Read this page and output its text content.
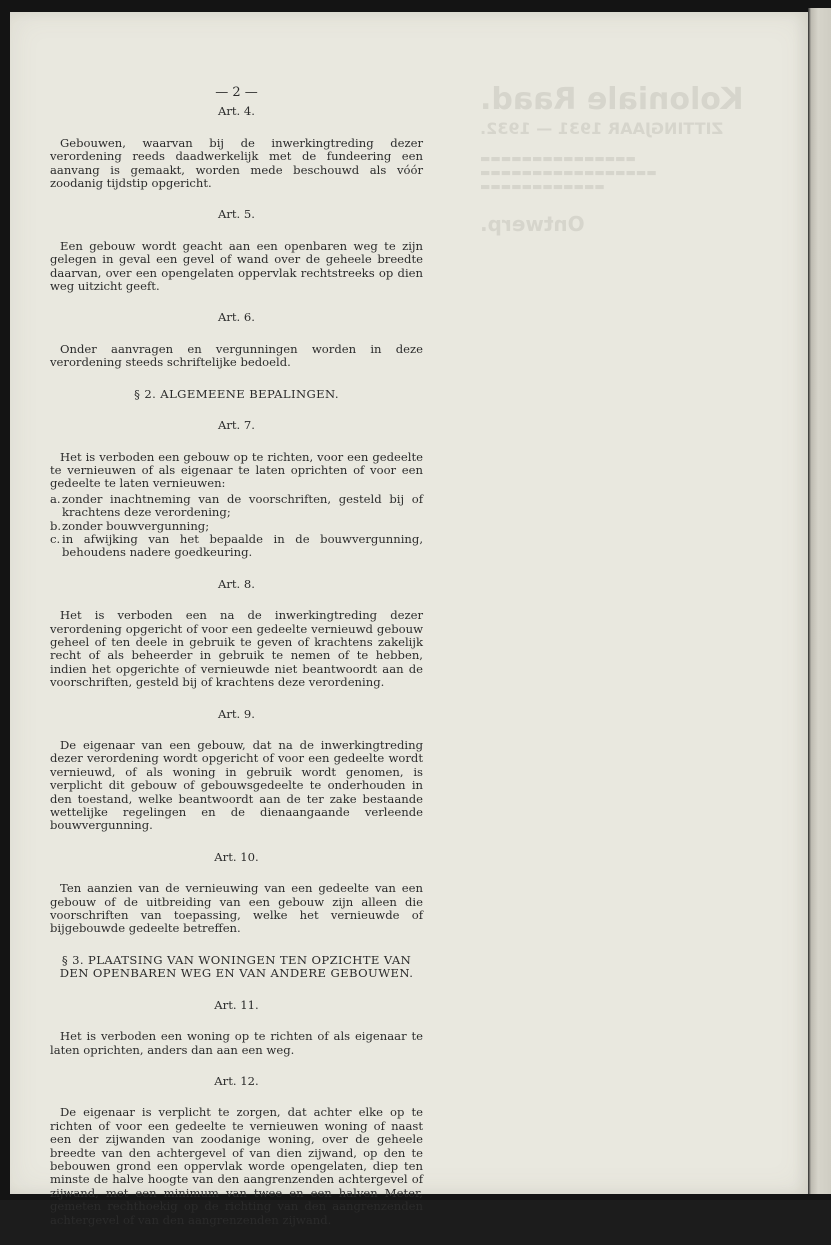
Koloniale Raad.
ZITTINGJAAR 1931 — 1932.
▬▬▬▬▬▬▬▬▬▬▬▬▬▬▬
▬▬▬▬▬▬▬▬▬▬▬▬▬▬▬▬▬
▬▬▬▬▬▬▬▬▬▬▬▬
Ontwerp.
— 2 —
Art. 4.

Gebouwen, waarvan bij de inwerkingtreding dezer verordening reeds daadwerkelijk met de fundeering een aanvang is gemaakt, worden mede beschouwd als vóór zoodanig tijdstip opgericht.

Art. 5.

Een gebouw wordt geacht aan een openbaren weg te zijn gelegen in geval een gevel of wand over de geheele breedte daarvan, over een opengelaten oppervlak rechtstreeks op dien weg uitzicht geeft.

Art. 6.

Onder aanvragen en vergunningen worden in deze verordening steeds schriftelijke bedoeld.

§ 2. ALGEMEENE BEPALINGEN.
Art. 7.

Het is verboden een gebouw op te richten, voor een gedeelte te vernieuwen of als eigenaar te laten oprichten of voor een gedeelte te laten vernieuwen:

a. zonder inachtneming van de voorschriften, gesteld bij of krachtens deze verordening;
b. zonder bouwvergunning;
c. in afwijking van het bepaalde in de bouwvergunning, behoudens nadere goedkeuring.
Art. 8.

Het is verboden een na de inwerkingtreding dezer verordening opgericht of voor een gedeelte vernieuwd gebouw geheel of ten deele in gebruik te geven of krachtens zakelijk recht of als beheerder in gebruik te nemen of te hebben, indien het opgerichte of vernieuwde niet beantwoordt aan de voorschriften, gesteld bij of krachtens deze verordening.

Art. 9.

De eigenaar van een gebouw, dat na de inwerkingtreding dezer verordening wordt opgericht of voor een gedeelte wordt vernieuwd, of als woning in gebruik wordt genomen, is verplicht dit gebouw of gebouwsgedeelte te onderhouden in den toestand, welke beantwoordt aan de ter zake bestaande wettelijke regelingen en de dienaangaande verleende bouwvergunning.

Art. 10.

Ten aanzien van de vernieuwing van een gedeelte van een gebouw of de uitbreiding van een gebouw zijn alleen die voorschriften van toepassing, welke het vernieuwde of bijgebouwde gedeelte betreffen.

§ 3. PLAATSING VAN WONINGEN TEN OPZICHTE VAN
DEN OPENBAREN WEG EN VAN ANDERE GEBOUWEN.
Art. 11.

Het is verboden een woning op te richten of als eigenaar te laten oprichten, anders dan aan een weg.

Art. 12.

De eigenaar is verplicht te zorgen, dat achter elke op te richten of voor een gedeelte te vernieuwen woning of naast een der zijwanden van zoodanige woning, over de geheele breedte van den achtergevel of van dien zijwand, op den te bebouwen grond een oppervlak worde opengelaten, diep ten minste de halve hoogte van den aangrenzenden achtergevel of zijwand, met een minimum van twee en een halven Meter, gemeten rechthoekig op de richting van den aangrenzenden achtergevel of van den aangrenzenden zijwand.
